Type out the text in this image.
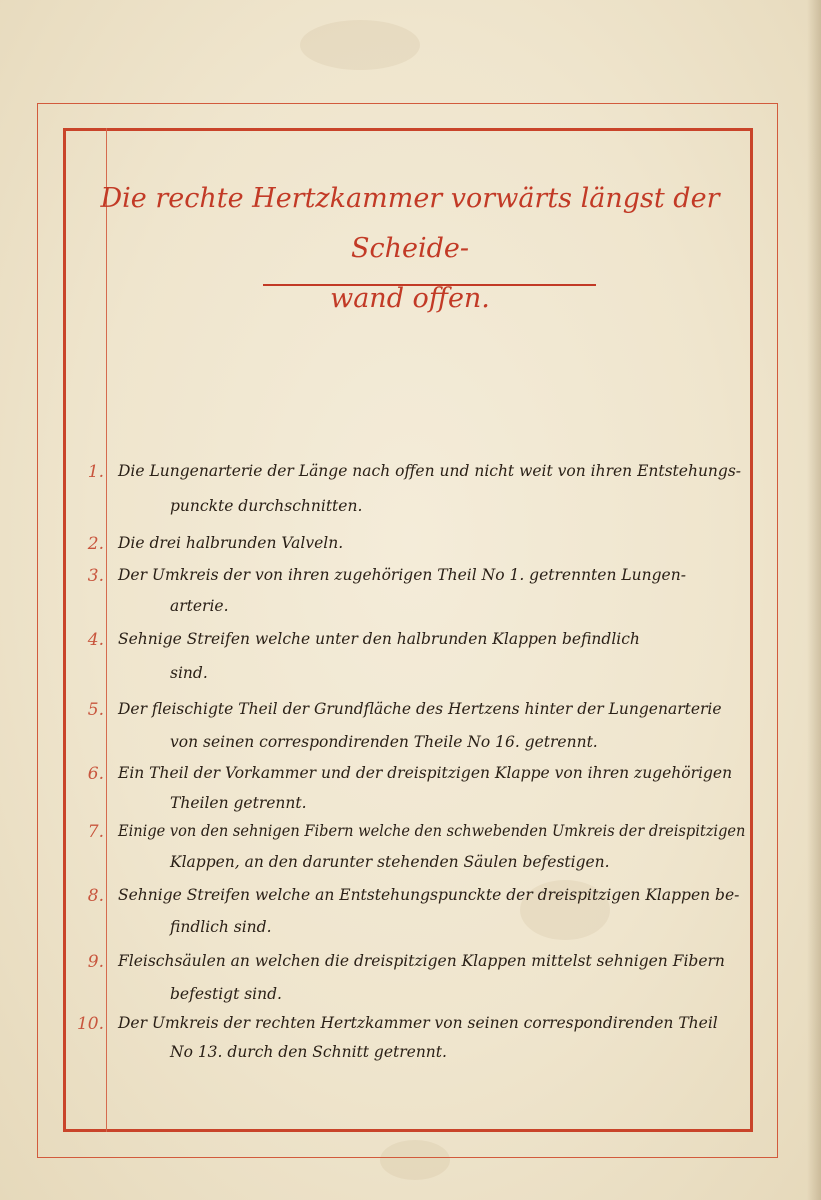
Die rechte Hertzkammer vorwärts längst der Scheide-
wand offen.
1. Die Lungenarterie der Länge nach offen und nicht weit von ihren Entstehungs-
punckte durchschnitten.
2. Die drei halbrunden Valveln.
3. Der Umkreis der von ihren zugehörigen Theil No 1. getrennten Lungen-
arterie.
4. Sehnige Streifen welche unter den halbrunden Klappen befindlich
sind.
5. Der fleischigte Theil der Grundfläche des Hertzens hinter der Lungenarterie
von seinen correspondirenden Theile No 16. getrennt.
6. Ein Theil der Vorkammer und der dreispitzigen Klappe von ihren zugehörigen
Theilen getrennt.
7. Einige von den sehnigen Fibern welche den schwebenden Umkreis der dreispitzigen
Klappen, an den darunter stehenden Säulen befestigen.
8. Sehnige Streifen welche an Entstehungspunckte der dreispitzigen Klappen be-
findlich sind.
9. Fleischsäulen an welchen die dreispitzigen Klappen mittelst sehnigen Fibern
befestigt sind.
10. Der Umkreis der rechten Hertzkammer von seinen correspondirenden Theil
No 13. durch den Schnitt getrennt.
